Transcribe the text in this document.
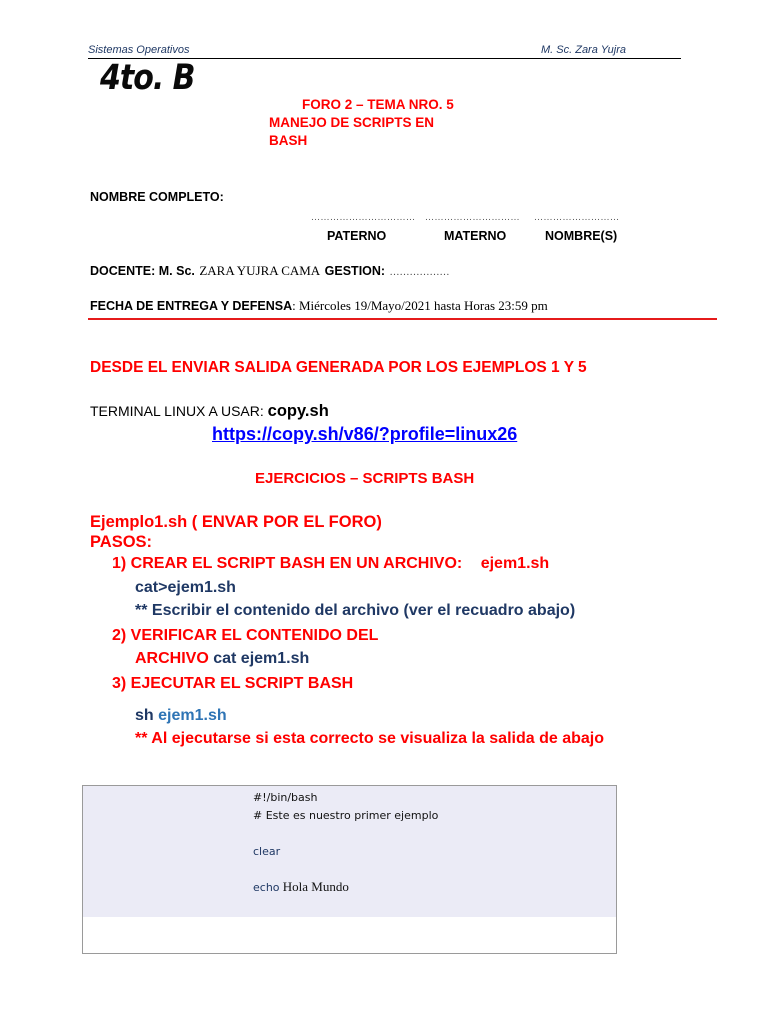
Sistemas Operativos	M. Sc. Zara Yujra
4to. B
FORO 2 – TEMA NRO. 5
MANEJO DE SCRIPTS EN
BASH
NOMBRE COMPLETO:
…………………………… ………………………… ………………………
PATERNO	MATERNO	NOMBRE(S)
DOCENTE: M. Sc. ZARA YUJRA CAMA GESTION: ………………
FECHA DE ENTREGA Y DEFENSA: Miércoles 19/Mayo/2021 hasta Horas 23:59 pm
DESDE EL ENVIAR SALIDA GENERADA POR LOS EJEMPLOS 1 Y 5
TERMINAL LINUX A USAR: copy.sh
https://copy.sh/v86/?profile=linux26
EJERCICIOS – SCRIPTS BASH
Ejemplo1.sh ( ENVAR POR EL FORO)
PASOS:
1) CREAR EL SCRIPT BASH EN UN ARCHIVO: ejem1.sh
cat>ejem1.sh
** Escribir el contenido del archivo (ver el recuadro abajo)
2) VERIFICAR EL CONTENIDO DEL
ARCHIVO cat ejem1.sh
3) EJECUTAR EL SCRIPT BASH
sh ejem1.sh
** Al ejecutarse si esta correcto se visualiza la salida de abajo
#!/bin/bash
# Este es nuestro primer ejemplo
clear
echo Hola Mundo
